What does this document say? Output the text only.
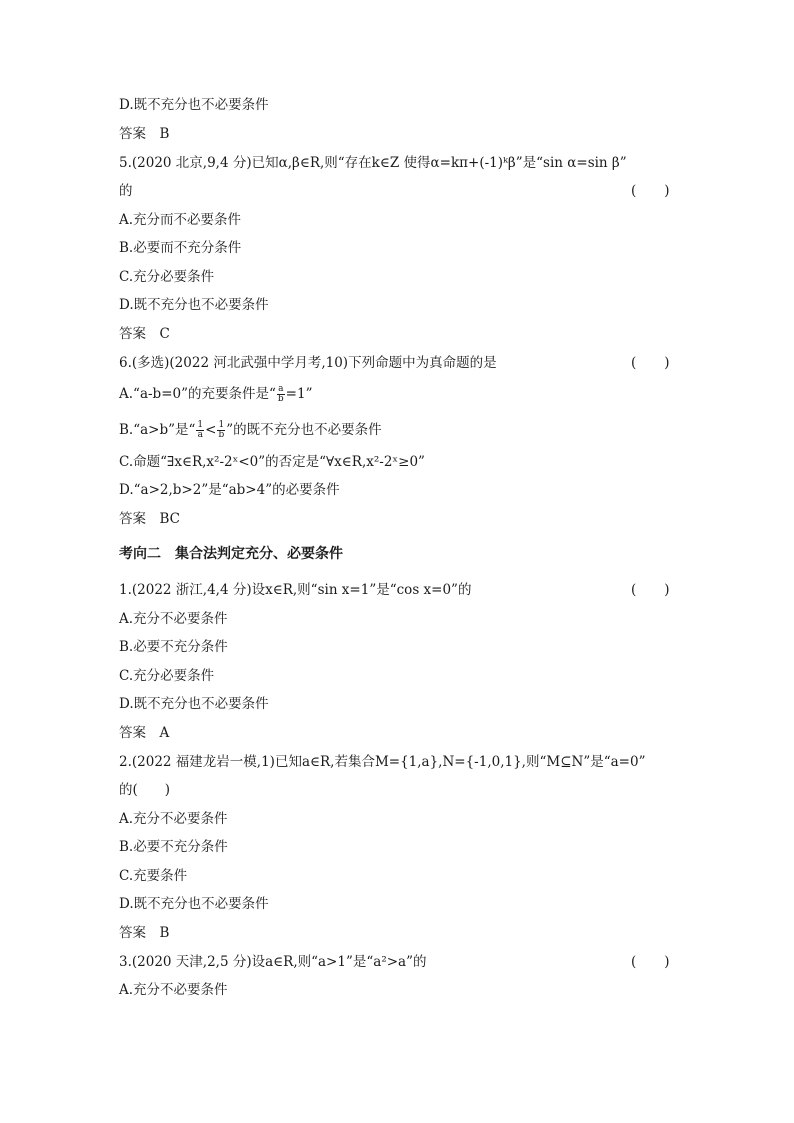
D.既不充分也不必要条件
答案　B
5.(2020 北京,9,4 分)已知α,β∈R,则“存在k∈Z 使得α=kπ+(-1)ᵏβ”是“sin α=sin β”
的	()
A.充分而不必要条件
B.必要而不充分条件
C.充分必要条件
D.既不充分也不必要条件
答案　C
6.(多选)(2022 河北武强中学月考,10)下列命题中为真命题的是	()
A.“a-b=0”的充要条件是“ $\frac{a}{b} =1$”
B.“a>b”是“ $\frac{1}{a} < \frac{1}{b}$ ”的既不充分也不必要条件
C.命题“∃x∈R,x²-2ˣ<0”的否定是“∀x∈R,x²-2ˣ≥0”
D.“a>2,b>2”是“ab>4”的必要条件
答案　BC
考向二　集合法判定充分、必要条件
1.(2022 浙江,4,4 分)设x∈R,则“sin x=1”是“cos x=0”的	()
A.充分不必要条件
B.必要不充分条件
C.充分必要条件
D.既不充分也不必要条件
答案　A
2.(2022 福建龙岩一模,1)已知a∈R,若集合M={1,a},N={-1,0,1},则“M⊆N”是“a=0”
的(　　)
A.充分不必要条件
B.必要不充分条件
C.充要条件
D.既不充分也不必要条件
答案　B
3.(2020 天津,2,5 分)设a∈R,则“a>1”是“a²>a”的	()
A.充分不必要条件
